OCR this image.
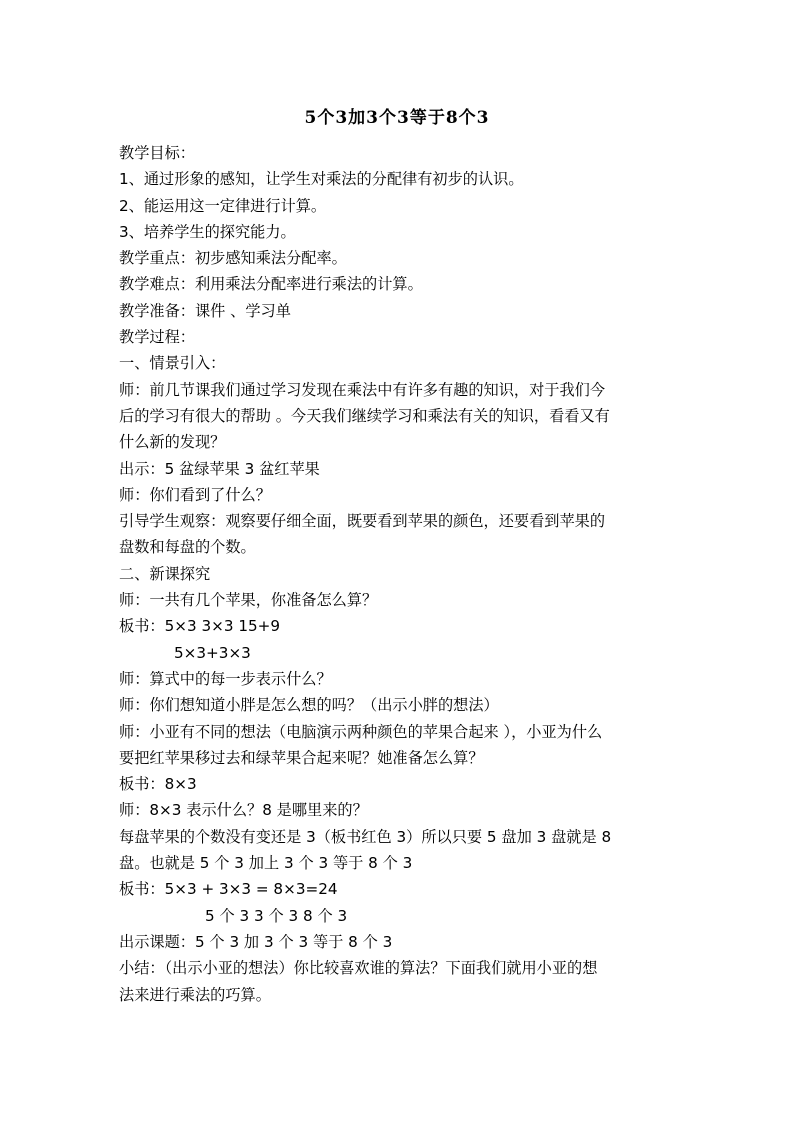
5个3加3个3等于8个3
教学目标：
1、通过形象的感知，让学生对乘法的分配律有初步的认识。
2、能运用这一定律进行计算。
3、培养学生的探究能力。
教学重点：初步感知乘法分配率。
教学难点：利用乘法分配率进行乘法的计算。
教学准备：课件 、学习单
教学过程：
一、情景引入：
师：前几节课我们通过学习发现在乘法中有许多有趣的知识，对于我们今
后的学习有很大的帮助 。今天我们继续学习和乘法有关的知识，看看又有
什么新的发现？
出示：5 盆绿苹果 3 盆红苹果
师：你们看到了什么？
引导学生观察：观察要仔细全面，既要看到苹果的颜色，还要看到苹果的
盘数和每盘的个数。
二、新课探究
师：一共有几个苹果，你准备怎么算？
板书：5×3 3×3 15+9
5×3+3×3
师：算式中的每一步表示什么？
师：你们想知道小胖是怎么想的吗？（出示小胖的想法）
师：小亚有不同的想法（电脑演示两种颜色的苹果合起来 ），小亚为什么
要把红苹果移过去和绿苹果合起来呢？她准备怎么算？
板书：8×3
师：8×3 表示什么？8 是哪里来的？
每盘苹果的个数没有变还是 3（板书红色 3）所以只要 5 盘加 3 盘就是 8
盘。也就是 5 个 3 加上 3 个 3 等于 8 个 3
板书：5×3 + 3×3 = 8×3=24
5 个 3 3 个 3 8 个 3
出示课题：5 个 3 加 3 个 3 等于 8 个 3
小结：（出示小亚的想法）你比较喜欢谁的算法？下面我们就用小亚的想
法来进行乘法的巧算。
